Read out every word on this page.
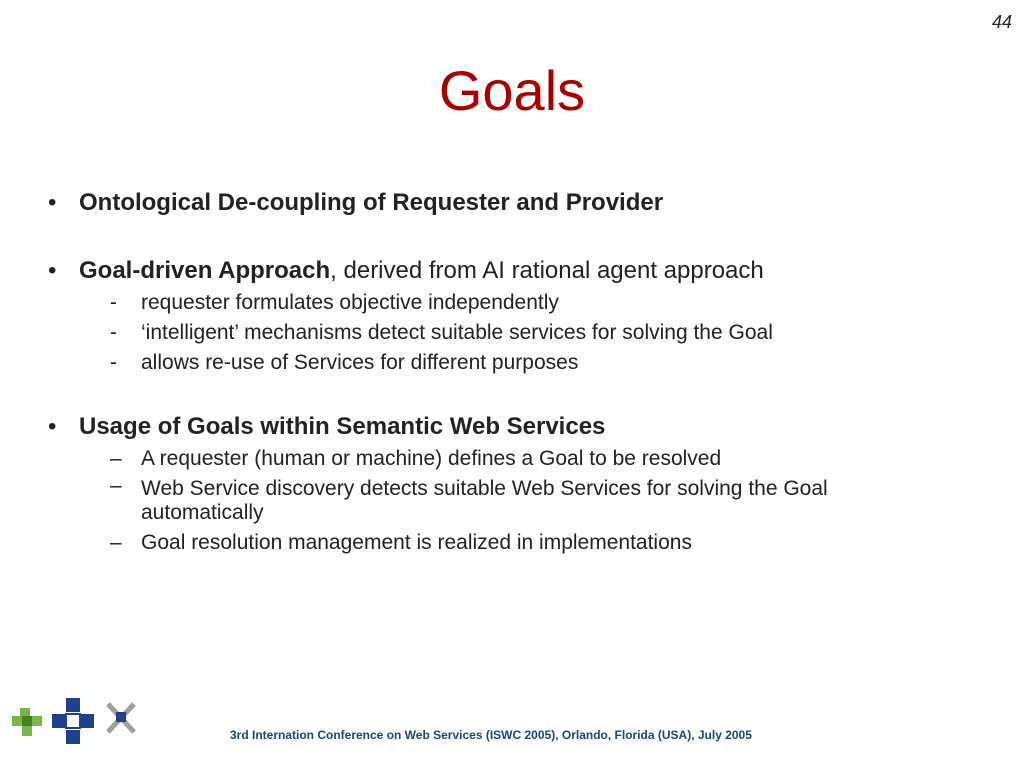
44
Goals
• Ontological De-coupling of Requester and Provider
• Goal-driven Approach, derived from AI rational agent approach
- requester formulates objective independently
- ‘intelligent’ mechanisms detect suitable services for solving the Goal
- allows re-use of Services for different purposes
• Usage of Goals within Semantic Web Services
– A requester (human or machine) defines a Goal to be resolved
– Web Service discovery detects suitable Web Services for solving the Goal automatically
– Goal resolution management is realized in implementations
3rd Internation Conference on Web Services (ISWC 2005), Orlando, Florida (USA), July 2005
